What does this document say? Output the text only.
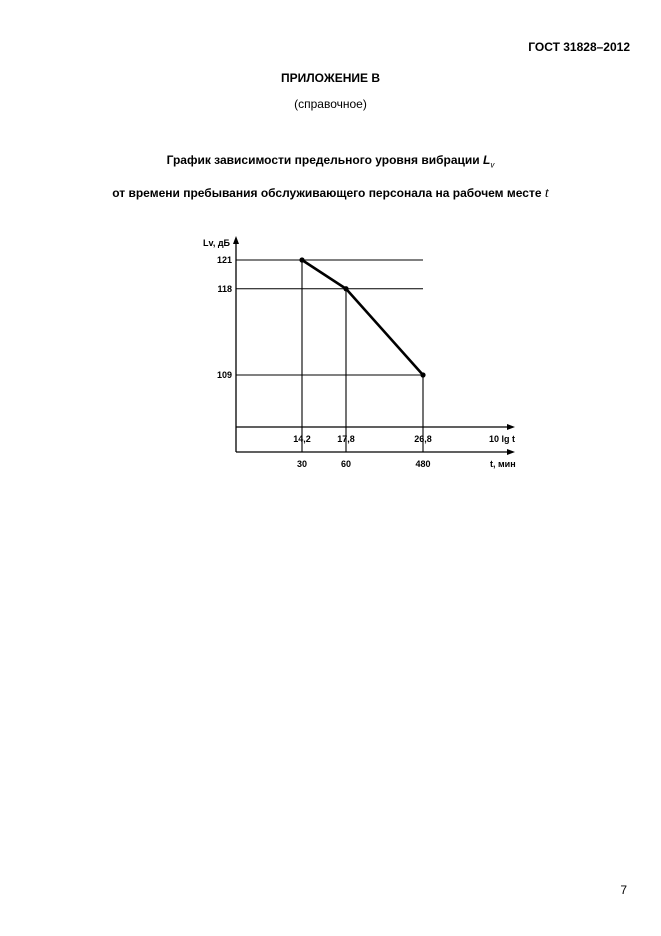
ГОСТ 31828–2012
ПРИЛОЖЕНИЕ В
(справочное)
График зависимости предельного уровня вибрации $L_v$
от времени пребывания обслуживающего персонала на рабочем месте t
Lv, дБ
10 lg t
t, мин
121
14,2
30
118
17,8
60
109
26,8
480
7
